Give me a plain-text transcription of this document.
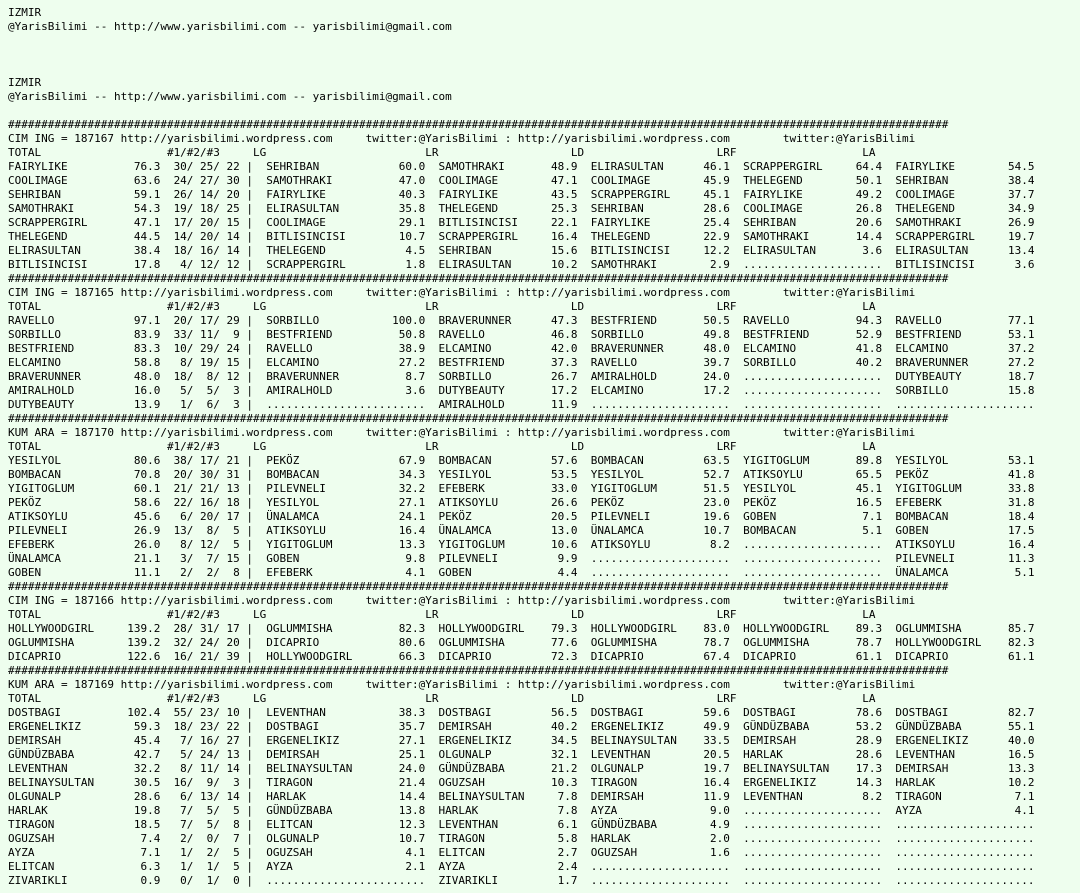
IZMIR
@YarisBilimi -- http://www.yarisbilimi.com -- yarisbilimi@gmail.com
IZMIR
@YarisBilimi -- http://www.yarisbilimi.com -- yarisbilimi@gmail.com
##############################################################################################################################################
CIM ING = 187167 http://yarisbilimi.wordpress.com     twitter:@YarisBilimi : http://yarisbilimi.wordpress.com        twitter:@YarisBilimi
TOTAL                   #1/#2/#3     LG                        LR                    LD                    LRF                   LA
FAIRYLIKE          76.3  30/ 25/ 22 |  SEHRIBAN            60.0  SAMOTHRAKI       48.9  ELIRASULTAN      46.1  SCRAPPERGIRL     64.4  FAIRYLIKE        54.5
COOLIMAGE          63.6  24/ 27/ 30 |  SAMOTHRAKI          47.0  COOLIMAGE        47.1  COOLIMAGE        45.9  THELEGEND        50.1  SEHRIBAN         38.4
SEHRIBAN           59.1  26/ 14/ 20 |  FAIRYLIKE           40.3  FAIRYLIKE        43.5  SCRAPPERGIRL     45.1  FAIRYLIKE        49.2  COOLIMAGE        37.7
SAMOTHRAKI         54.3  19/ 18/ 25 |  ELIRASULTAN         35.8  THELEGEND        25.3  SEHRIBAN         28.6  COOLIMAGE        26.8  THELEGEND        34.9
SCRAPPERGIRL       47.1  17/ 20/ 15 |  COOLIMAGE           29.1  BITLISINCISI     22.1  FAIRYLIKE        25.4  SEHRIBAN         20.6  SAMOTHRAKI       26.9
THELEGEND          44.5  14/ 20/ 14 |  BITLISINCISI        10.7  SCRAPPERGIRL     16.4  THELEGEND        22.9  SAMOTHRAKI       14.4  SCRAPPERGIRL     19.7
ELIRASULTAN        38.4  18/ 16/ 14 |  THELEGEND            4.5  SEHRIBAN         15.6  BITLISINCISI     12.2  ELIRASULTAN       3.6  ELIRASULTAN      13.4
BITLISINCISI       17.8   4/ 12/ 12 |  SCRAPPERGIRL         1.8  ELIRASULTAN      10.2  SAMOTHRAKI        2.9  .....................  BITLISINCISI      3.6
##############################################################################################################################################
CIM ING = 187165 http://yarisbilimi.wordpress.com     twitter:@YarisBilimi : http://yarisbilimi.wordpress.com        twitter:@YarisBilimi
TOTAL                   #1/#2/#3     LG                        LR                    LD                    LRF                   LA
RAVELLO            97.1  20/ 17/ 29 |  SORBILLO           100.0  BRAVERUNNER      47.3  BESTFRIEND       50.5  RAVELLO          94.3  RAVELLO          77.1
SORBILLO           83.9  33/ 11/  9 |  BESTFRIEND          50.8  RAVELLO          46.8  SORBILLO         49.8  BESTFRIEND       52.9  BESTFRIEND       53.1
BESTFRIEND         83.3  10/ 29/ 24 |  RAVELLO             38.9  ELCAMINO         42.0  BRAVERUNNER      48.0  ELCAMINO         41.8  ELCAMINO         37.2
ELCAMINO           58.8   8/ 19/ 15 |  ELCAMINO            27.2  BESTFRIEND       37.3  RAVELLO          39.7  SORBILLO         40.2  BRAVERUNNER      27.2
BRAVERUNNER        48.0  18/  8/ 12 |  BRAVERUNNER          8.7  SORBILLO         26.7  AMIRALHOLD       24.0  .....................  DUTYBEAUTY       18.7
AMIRALHOLD         16.0   5/  5/  3 |  AMIRALHOLD           3.6  DUTYBEAUTY       17.2  ELCAMINO         17.2  .....................  SORBILLO         15.8
DUTYBEAUTY         13.9   1/  6/  3 |  ........................  AMIRALHOLD       11.9  .....................  .....................  .....................
##############################################################################################################################################
KUM ARA = 187170 http://yarisbilimi.wordpress.com     twitter:@YarisBilimi : http://yarisbilimi.wordpress.com        twitter:@YarisBilimi
TOTAL                   #1/#2/#3     LG                        LR                    LD                    LRF                   LA
YESILYOL           80.6  38/ 17/ 21 |  PEKÖZ               67.9  BOMBACAN         57.6  BOMBACAN         63.5  YIGITOGLUM       89.8  YESILYOL         53.1
BOMBACAN           70.8  20/ 30/ 31 |  BOMBACAN            34.3  YESILYOL         53.5  YESILYOL         52.7  ATIKSOYLU        65.5  PEKÖZ            41.8
YIGITOGLUM         60.1  21/ 21/ 13 |  PILEVNELI           32.2  EFEBERK          33.0  YIGITOGLUM       51.5  YESILYOL         45.1  YIGITOGLUM       33.8
PEKÖZ              58.6  22/ 16/ 18 |  YESILYOL            27.1  ATIKSOYLU        26.6  PEKÖZ            23.0  PEKÖZ            16.5  EFEBERK          31.8
ATIKSOYLU          45.6   6/ 20/ 17 |  ÜNALAMCA            24.1  PEKÖZ            20.5  PILEVNELI        19.6  GOBEN             7.1  BOMBACAN         18.4
PILEVNELI          26.9  13/  8/  5 |  ATIKSOYLU           16.4  ÜNALAMCA         13.0  ÜNALAMCA         10.7  BOMBACAN          5.1  GOBEN            17.5
EFEBERK            26.0   8/ 12/  5 |  YIGITOGLUM          13.3  YIGITOGLUM       10.6  ATIKSOYLU         8.2  .....................  ATIKSOYLU        16.4
ÜNALAMCA           21.1   3/  7/ 15 |  GOBEN                9.8  PILEVNELI         9.9  .....................  .....................  PILEVNELI        11.3
GOBEN              11.1   2/  2/  8 |  EFEBERK              4.1  GOBEN             4.4  .....................  .....................  ÜNALAMCA          5.1
##############################################################################################################################################
CIM ING = 187166 http://yarisbilimi.wordpress.com     twitter:@YarisBilimi : http://yarisbilimi.wordpress.com        twitter:@YarisBilimi
TOTAL                   #1/#2/#3     LG                        LR                    LD                    LRF                   LA
HOLLYWOODGIRL     139.2  28/ 31/ 17 |  OGLUMMISHA          82.3  HOLLYWOODGIRL    79.3  HOLLYWOODGIRL    83.0  HOLLYWOODGIRL    89.3  OGLUMMISHA       85.7
OGLUMMISHA        139.2  32/ 24/ 20 |  DICAPRIO            80.6  OGLUMMISHA       77.6  OGLUMMISHA       78.7  OGLUMMISHA       78.7  HOLLYWOODGIRL    82.3
DICAPRIO          122.6  16/ 21/ 39 |  HOLLYWOODGIRL       66.3  DICAPRIO         72.3  DICAPRIO         67.4  DICAPRIO         61.1  DICAPRIO         61.1
##############################################################################################################################################
KUM ARA = 187169 http://yarisbilimi.wordpress.com     twitter:@YarisBilimi : http://yarisbilimi.wordpress.com        twitter:@YarisBilimi
TOTAL                   #1/#2/#3     LG                        LR                    LD                    LRF                   LA
DOSTBAGI          102.4  55/ 23/ 10 |  LEVENTHAN           38.3  DOSTBAGI         56.5  DOSTBAGI         59.6  DOSTBAGI         78.6  DOSTBAGI         82.7
ERGENELIKIZ        59.3  18/ 23/ 22 |  DOSTBAGI            35.7  DEMIRSAH         40.2  ERGENELIKIZ      49.9  GÜNDÜZBABA       53.2  GÜNDÜZBABA       55.1
DEMIRSAH           45.4   7/ 16/ 27 |  ERGENELIKIZ         27.1  ERGENELIKIZ      34.5  BELINAYSULTAN    33.5  DEMIRSAH         28.9  ERGENELIKIZ      40.0
GÜNDÜZBABA         42.7   5/ 24/ 13 |  DEMIRSAH            25.1  OLGUNALP         32.1  LEVENTHAN        20.5  HARLAK           28.6  LEVENTHAN        16.5
LEVENTHAN          32.2   8/ 11/ 14 |  BELINAYSULTAN       24.0  GÜNDÜZBABA       21.2  OLGUNALP         19.7  BELINAYSULTAN    17.3  DEMIRSAH         13.3
BELINAYSULTAN      30.5  16/  9/  3 |  TIRAGON             21.4  OGUZSAH          10.3  TIRAGON          16.4  ERGENELIKIZ      14.3  HARLAK           10.2
OLGUNALP           28.6   6/ 13/ 14 |  HARLAK              14.4  BELINAYSULTAN     7.8  DEMIRSAH         11.9  LEVENTHAN         8.2  TIRAGON           7.1
HARLAK             19.8   7/  5/  5 |  GÜNDÜZBABA          13.8  HARLAK            7.8  AYZA              9.0  .....................  AYZA              4.1
TIRAGON            18.5   7/  5/  8 |  ELITCAN             12.3  LEVENTHAN         6.1  GÜNDÜZBABA        4.9  .....................  .....................
OGUZSAH             7.4   2/  0/  7 |  OLGUNALP            10.7  TIRAGON           5.8  HARLAK            2.0  .....................  .....................
AYZA                7.1   1/  2/  5 |  OGUZSAH              4.1  ELITCAN           2.7  OGUZSAH           1.6  .....................  .....................
ELITCAN             6.3   1/  1/  5 |  AYZA                 2.1  AYZA              2.4  .....................  .....................  .....................
ZIVARIKLI           0.9   0/  1/  0 |  ........................  ZIVARIKLI         1.7  .....................  .....................  .....................
